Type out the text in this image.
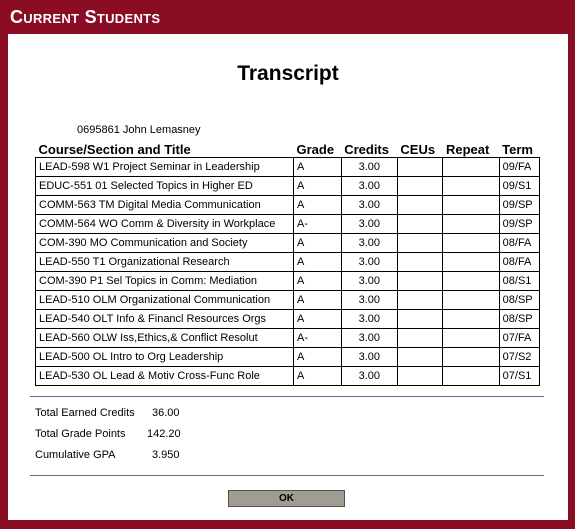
Current Students
Transcript
0695861 John Lemasney
Course/Section and Title	Grade	Credits	CEUs	Repeat	Term
LEAD-598 W1 Project Seminar in Leadership	A	3.00			09/FA
EDUC-551 01 Selected Topics in Higher ED	A	3.00			09/S1
COMM-563 TM Digital Media Communication	A	3.00			09/SP
COMM-564 WO Comm & Diversity in Workplace	A-	3.00			09/SP
COM-390 MO Communication and Society	A	3.00			08/FA
LEAD-550 T1 Organizational Research	A	3.00			08/FA
COM-390 P1 Sel Topics in Comm: Mediation	A	3.00			08/S1
LEAD-510 OLM Organizational Communication	A	3.00			08/SP
LEAD-540 OLT Info & Financl Resources Orgs	A	3.00			08/SP
LEAD-560 OLW Iss,Ethics,& Conflict Resolut	A-	3.00			07/FA
LEAD-500 OL Intro to Org Leadership	A	3.00			07/S2
LEAD-530 OL Lead & Motiv Cross-Func Role	A	3.00			07/S1
Total Earned Credits 36.00
Total Grade Points 142.20
Cumulative GPA	3.950
OK
